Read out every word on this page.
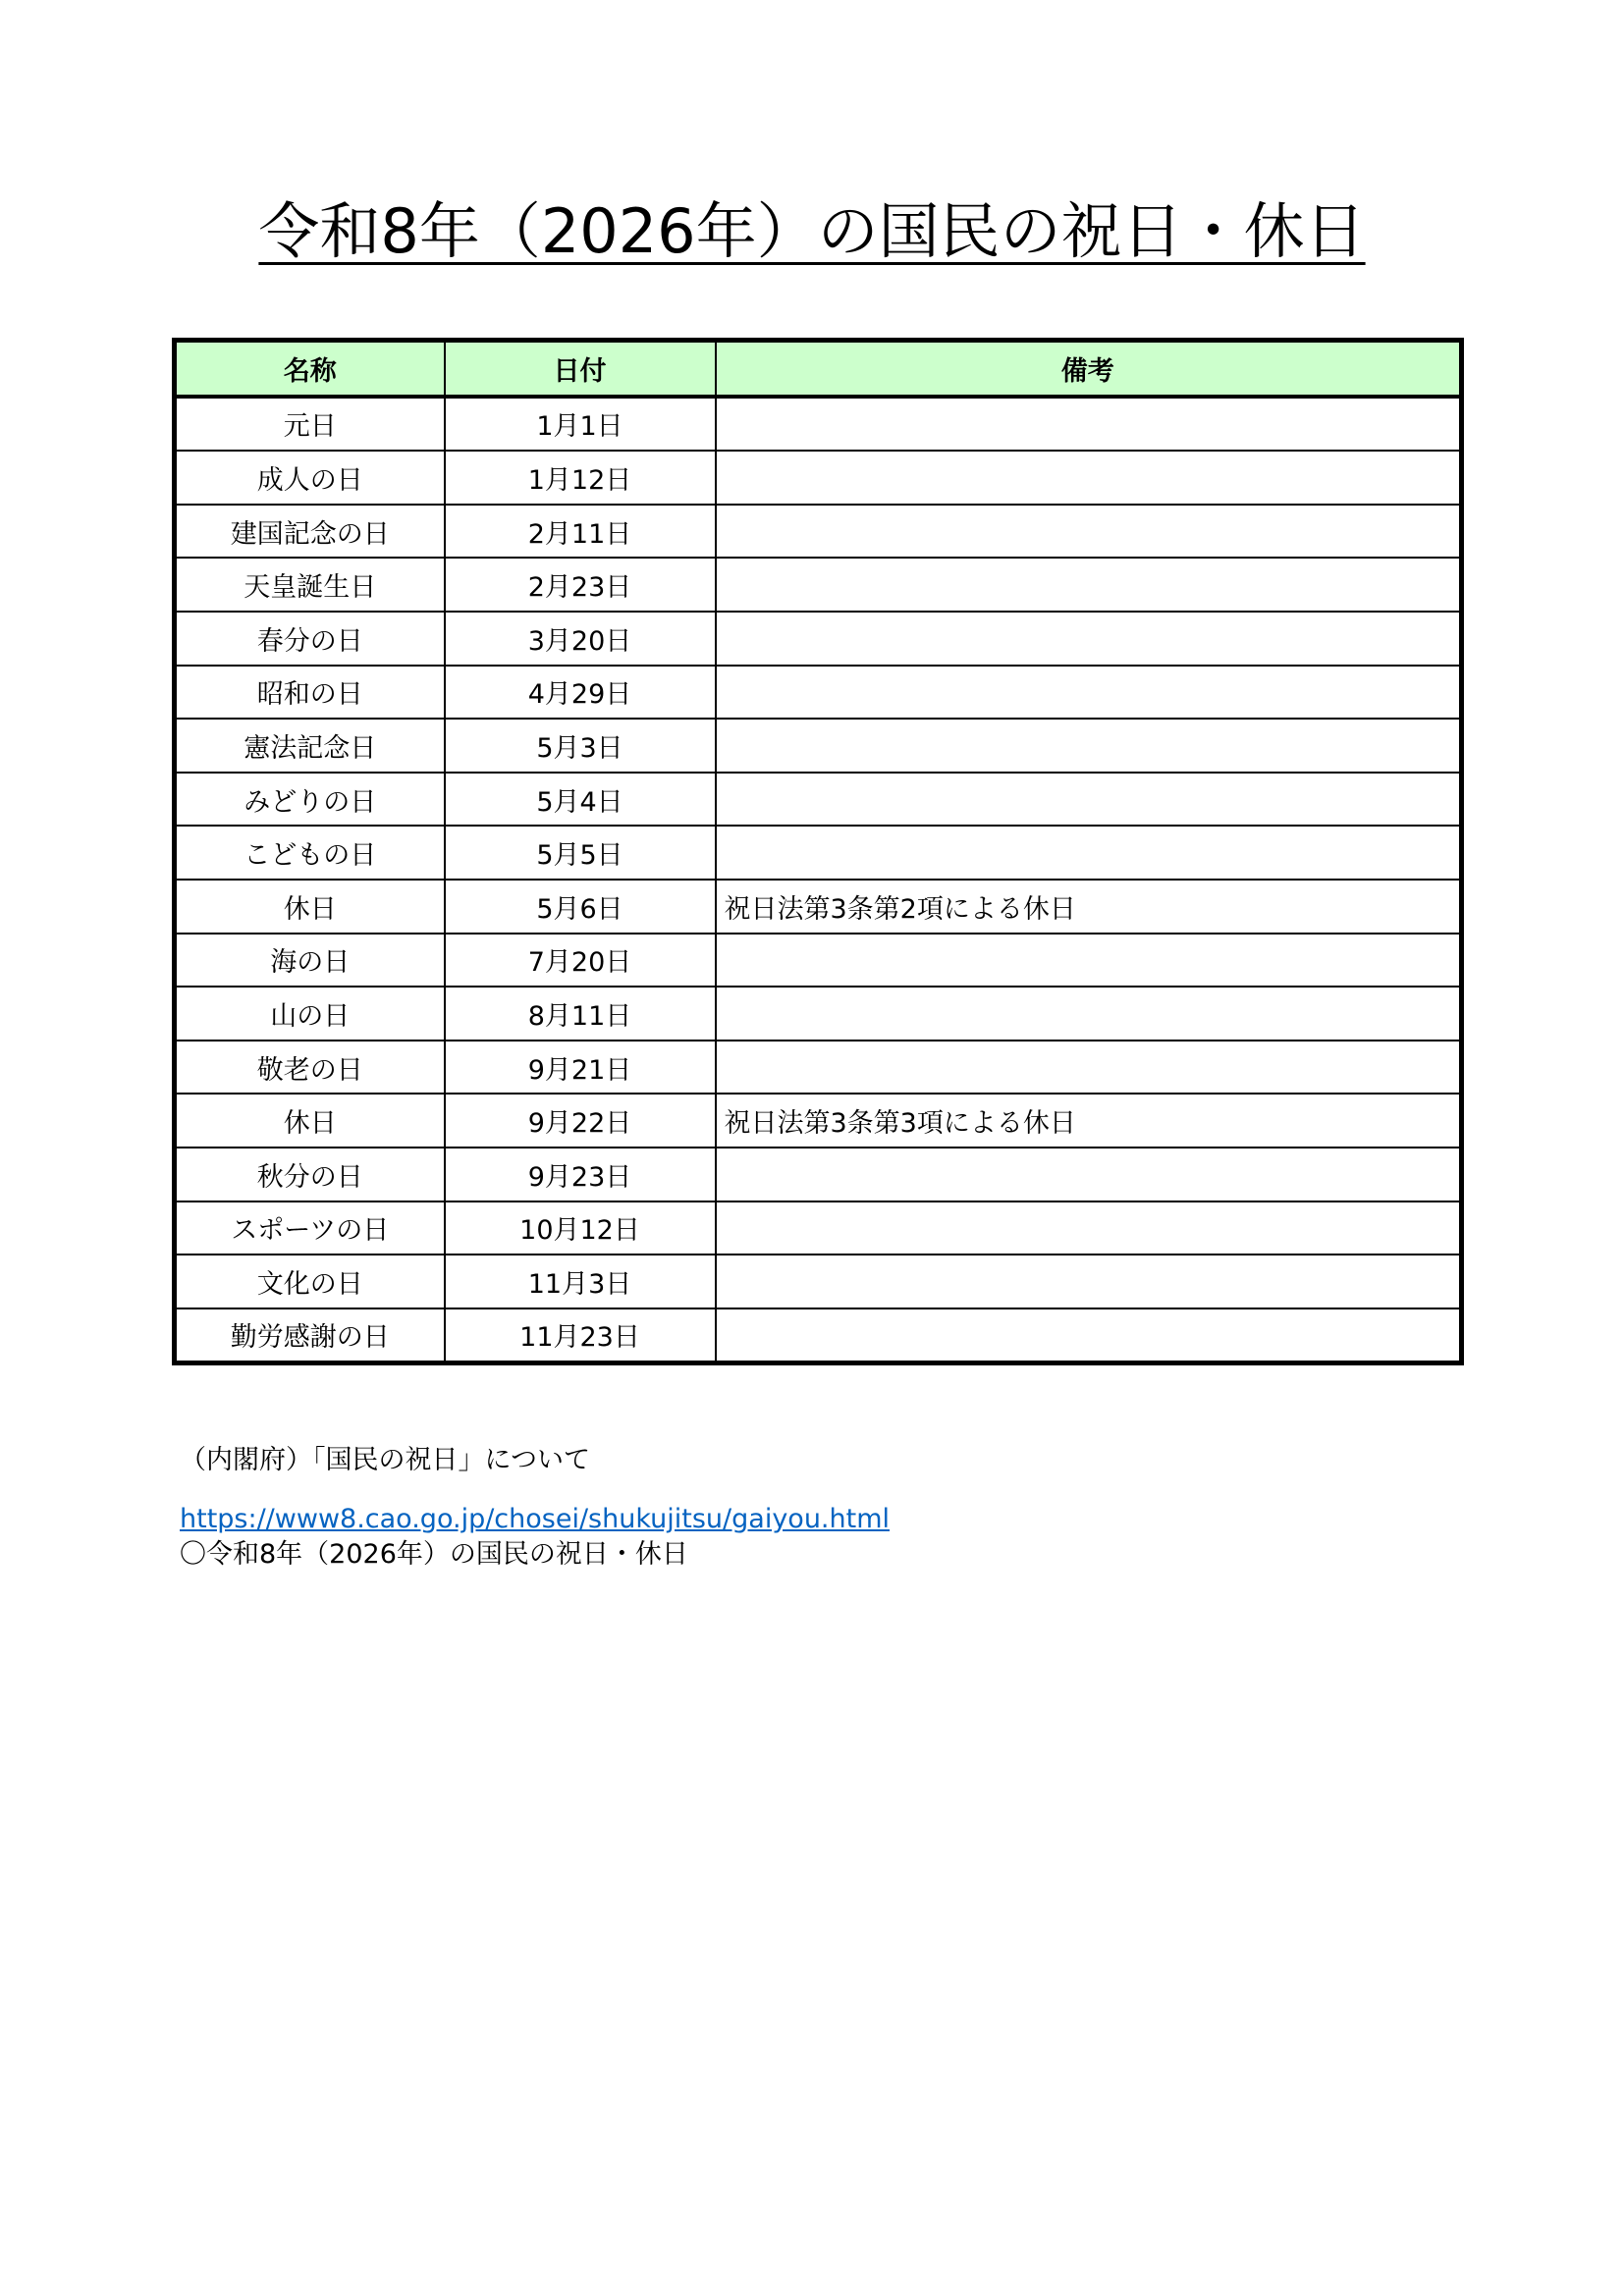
令和8年（2026年）の国民の祝日・休日
名称	日付	備考
元日	1月1日	
成人の日	1月12日	
建国記念の日	2月11日	
天皇誕生日	2月23日	
春分の日	3月20日	
昭和の日	4月29日	
憲法記念日	5月3日	
みどりの日	5月4日	
こどもの日	5月5日	
休日	5月6日	祝日法第3条第2項による休日
海の日	7月20日	
山の日	8月11日	
敬老の日	9月21日	
休日	9月22日	祝日法第3条第3項による休日
秋分の日	9月23日	
スポーツの日	10月12日	
文化の日	11月3日	
勤労感謝の日	11月23日	
（内閣府）「国民の祝日」について
https://www8.cao.go.jp/chosei/shukujitsu/gaiyou.html
〇令和8年（2026年）の国民の祝日・休日
